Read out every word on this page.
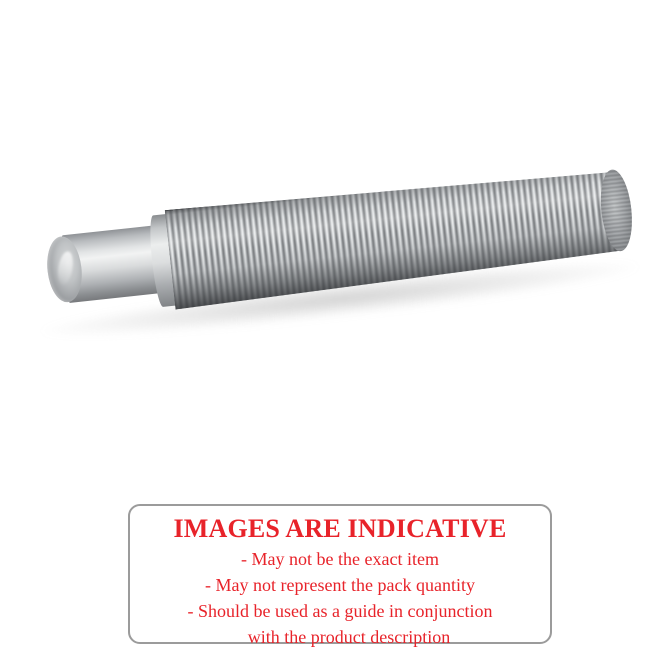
IMAGES ARE INDICATIVE
- May not be the exact item
- May not represent the pack quantity
- Should be used as a guide in conjunction
with the product description
